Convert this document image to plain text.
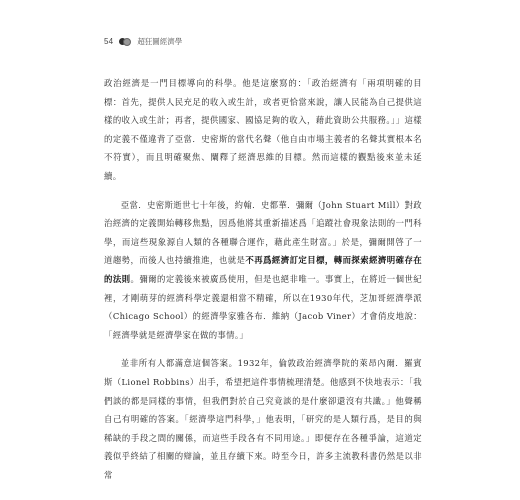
54	超狂圖經濟學

政治經濟是一門目標導向的科學。他是這麼寫的：「政治經濟有「兩項明確的目標：首先，提供人民充足的收入或生計，或者更恰當來說，讓人民能為自己提供這樣的收入或生計；再者，提供國家、國協足夠的收入，藉此資助公共服務。」」這樣的定義不僅違背了亞當．史密斯的當代名聲（他自由市場主義者的名聲其實根本名不符實），而且明確聚焦、闡釋了經濟思維的目標。然而這樣的觀點後來並未延續。

亞當．史密斯逝世七十年後，約翰．史都華．彌爾（John Stuart Mill）對政治經濟的定義開始轉移焦點，因爲他將其重新描述爲「追蹤社會現象法則的一門科學，而這些現象源自人類的各種聯合運作，藉此產生財富。」於是，彌爾開啓了一道趨勢，而後人也持續推進，也就是不再爲經濟訂定目標，轉而探索經濟明確存在的法則。彌爾的定義後來被廣爲使用，但是也絕非唯一。事實上，在將近一個世紀裡，才剛萌芽的經濟科學定義還相當不精確，所以在1930年代，芝加哥經濟學派（Chicago School）的經濟學家雅各布．維納（Jacob Viner）才會俏皮地說：「經濟學就是經濟學家在做的事情。」

並非所有人都滿意這個答案。1932年，倫敦政治經濟學院的萊昂內爾．羅賓斯（Lionel Robbins）出手，希望把這件事情梳理清楚。他感到不快地表示：「我們談的都是同樣的事情，但我們對於自己究竟談的是什麼卻還沒有共識。」他聲稱自己有明確的答案。「經濟學這門科學，」他表明，「研究的是人類行爲，是目的與稀缺的手段之間的關係，而這些手段各有不同用途。」即便存在各種爭論，這道定義似乎終結了相關的辯論，並且存續下來。時至今日，許多主流教科書仍然是以非常
